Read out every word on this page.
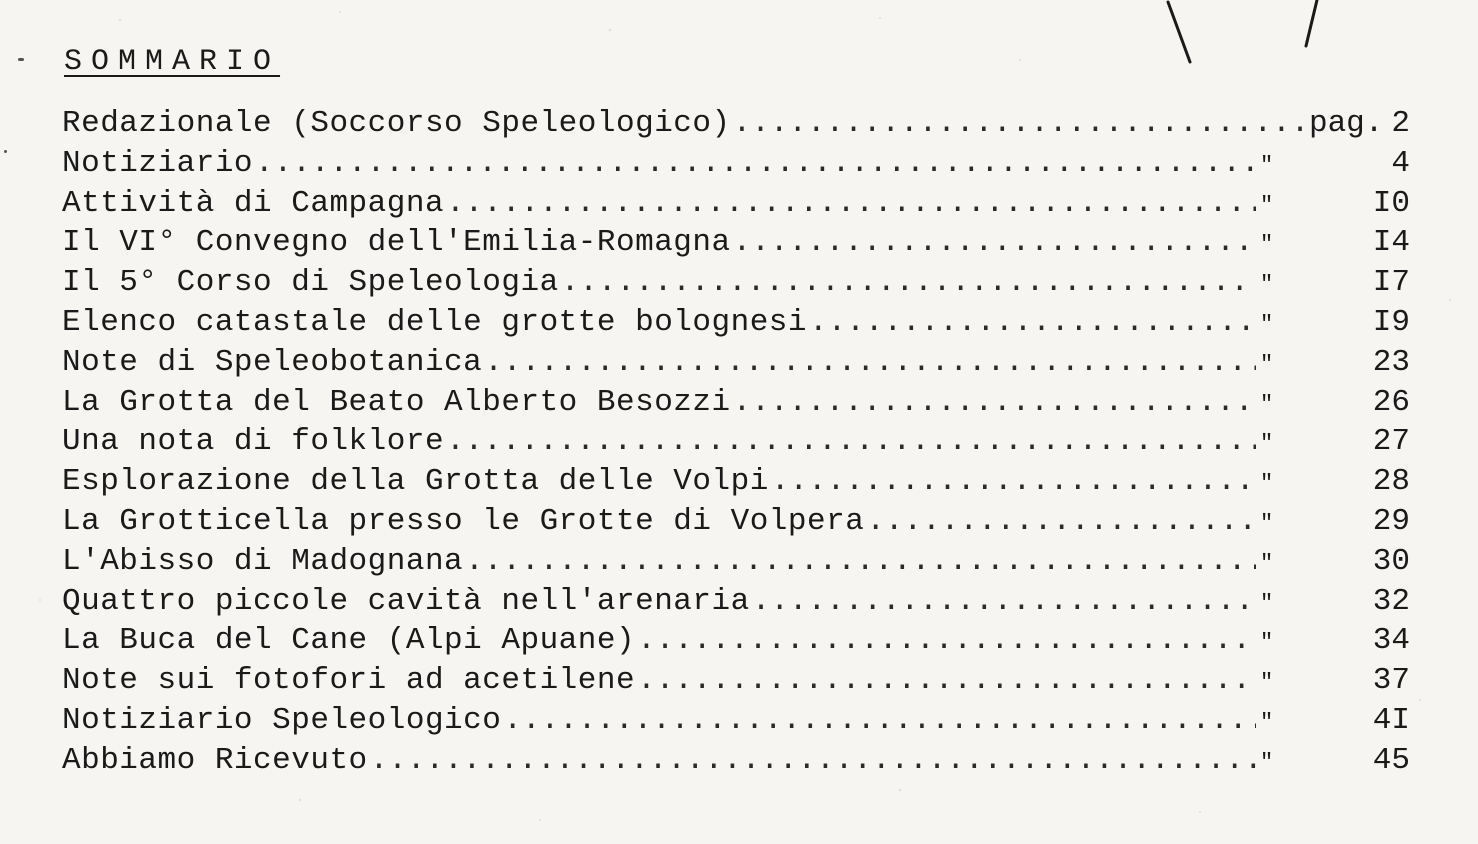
SOMMARIO
Redazionale (Soccorso Speleologico) .....	pag. 2
Notiziario .....	"	4
Attività di Campagna .....	"	I0
Il VI° Convegno dell'Emilia-Romagna .....	"	I4
Il 5° Corso di Speleologia .....	"	I7
Elenco catastale delle grotte bolognesi .....	"	I9
Note di Speleobotanica .....	"	23
La Grotta del Beato Alberto Besozzi .....	"	26
Una nota di folklore .....	"	27
Esplorazione della Grotta delle Volpi .....	"	28
La Grotticella presso le Grotte di Volpera .....	"	29
L'Abisso di Madognana .....	"	30
Quattro piccole cavità nell'arenaria .....	"	32
La Buca del Cane (Alpi Apuane) .....	"	34
Note sui fotofori ad acetilene .....	"	37
Notiziario Speleologico .....	"	4I
Abbiamo Ricevuto .....	"	45
